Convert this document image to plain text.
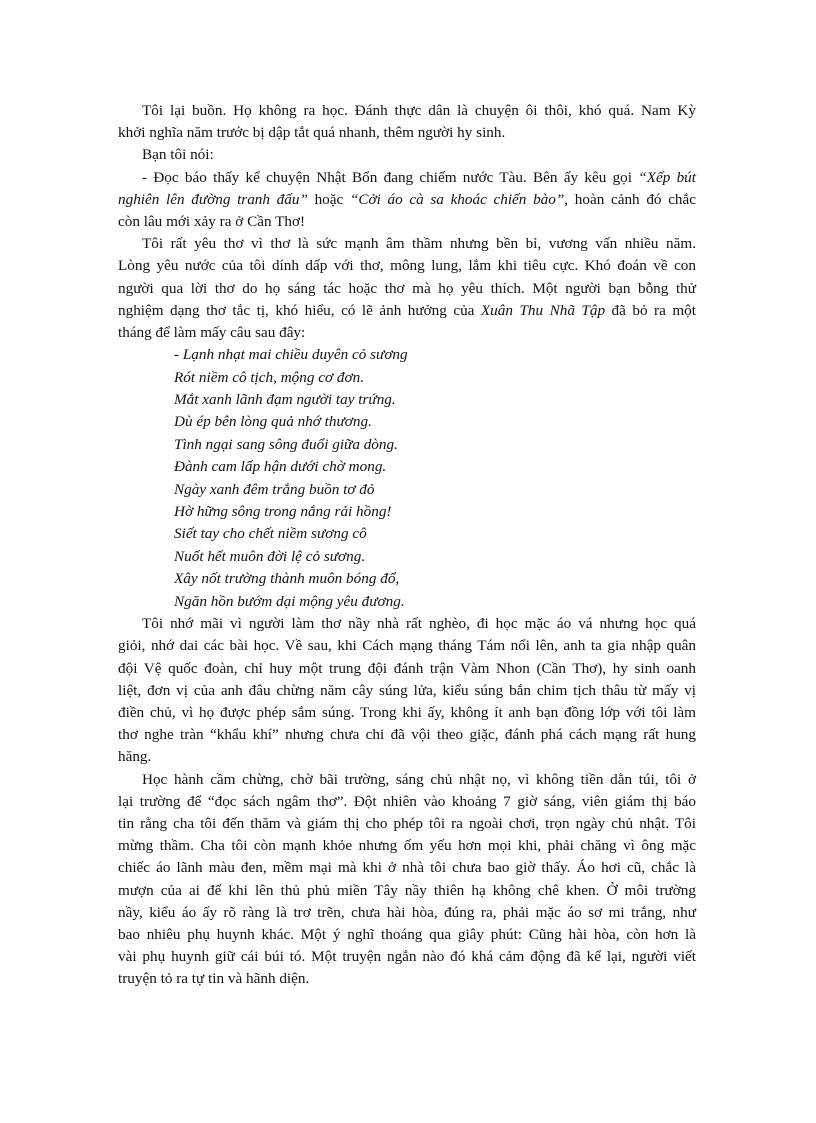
Tôi lại buồn. Họ không ra học. Đánh thực dân là chuyện ôi thôi, khó quá. Nam Kỳ

khởi nghĩa năm trước bị dập tắt quá nhanh, thêm người hy sinh.

Bạn tôi nói:

- Đọc báo thấy kể chuyện Nhật Bổn đang chiếm nước Tàu. Bên ấy kêu gọi “Xếp bút

nghiên lên đường tranh đấu” hoặc “Cởi áo cà sa khoác chiến bào”, hoàn cảnh đó chắc

còn lâu mới xảy ra ở Cần Thơ!

Tôi rất yêu thơ vì thơ là sức mạnh âm thầm nhưng bền bỉ, vương vấn nhiều năm.

Lòng yêu nước của tôi dính dấp với thơ, mông lung, lắm khi tiêu cực. Khó đoán về con

người qua lời thơ do họ sáng tác hoặc thơ mà họ yêu thích. Một người bạn bỗng thử

nghiệm dạng thơ tắc tị, khó hiểu, có lẽ ảnh hưởng của Xuân Thu Nhã Tập đã bỏ ra một

tháng để làm mấy câu sau đây:

- Lạnh nhạt mai chiều duyên cỏ sương

Rót niềm cô tịch, mộng cơ đơn.

Mắt xanh lãnh đạm người tay trứng.

Dù ép bên lòng quả nhớ thương.

Tình ngại sang sông đuổi giữa dòng.

Đành cam lấp hận dưới chờ mong.

Ngày xanh đêm trắng buồn tơ đỏ

Hờ hững sông trong nắng rải hồng!

Siết tay cho chết niềm sương cô

Nuốt hết muôn đời lệ cỏ sương.

Xây nốt trường thành muôn bóng đổ,

Ngăn hồn bướm dại mộng yêu đương.

Tôi nhớ mãi vì người làm thơ nầy nhà rất nghèo, đi học mặc áo vá nhưng học quá

giỏi, nhớ dai các bài học. Về sau, khi Cách mạng tháng Tám nổi lên, anh ta gia nhập quân

đội Vệ quốc đoàn, chỉ huy một trung đội đánh trận Vàm Nhon (Cần Thơ), hy sinh oanh

liệt, đơn vị của anh đâu chừng năm cây súng lửa, kiểu súng bắn chim tịch thâu từ mấy vị

điền chủ, vì họ được phép sắm súng. Trong khi ấy, không ít anh bạn đồng lớp với tôi làm

thơ nghe tràn “khẩu khí” nhưng chưa chi đã vội theo giặc, đánh phá cách mạng rất hung

hăng.

Học hành cầm chừng, chờ bãi trường, sáng chủ nhật nọ, vì không tiền dằn túi, tôi ở

lại trường để “đọc sách ngâm thơ”. Đột nhiên vào khoảng 7 giờ sáng, viên giám thị báo

tin rằng cha tôi đến thăm và giám thị cho phép tôi ra ngoài chơi, trọn ngày chủ nhật. Tôi

mừng thầm. Cha tôi còn mạnh khỏe nhưng ốm yếu hơn mọi khi, phải chăng vì ông mặc

chiếc áo lãnh màu đen, mềm mại mà khi ở nhà tôi chưa bao giờ thấy. Áo hơi cũ, chắc là

mượn của ai để khi lên thủ phủ miền Tây nầy thiên hạ không chê khen. Ở môi trường

nầy, kiểu áo ấy rõ ràng là trơ trẽn, chưa hài hòa, đúng ra, phải mặc áo sơ mi trắng, như

bao nhiêu phụ huynh khác. Một ý nghĩ thoáng qua giây phút: Cũng hài hòa, còn hơn là

vài phụ huynh giữ cái búi tó. Một truyện ngắn nào đó khá cảm động đã kể lại, người viết

truyện tỏ ra tự tin và hãnh diện.
